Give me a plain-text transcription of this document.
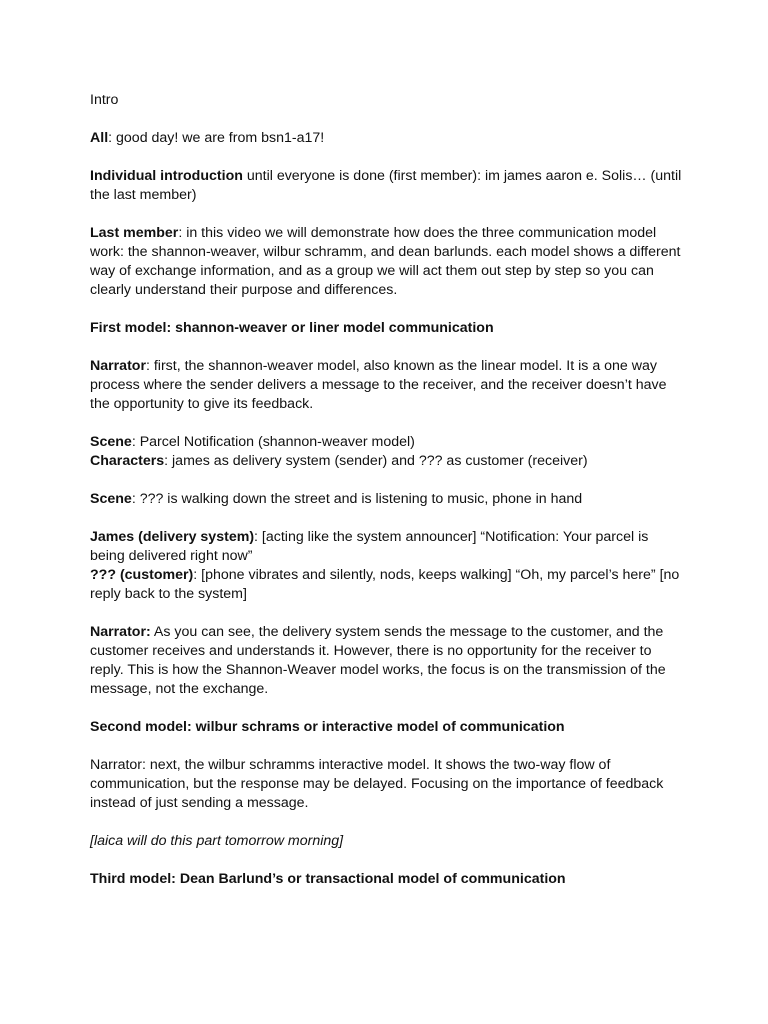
Intro

All: good day! we are from bsn1-a17!

Individual introduction until everyone is done (first member): im james aaron e. Solis… (until the last member)

Last member: in this video we will demonstrate how does the three communication model work: the shannon-weaver, wilbur schramm, and dean barlunds. each model shows a different way of exchange information, and as a group we will act them out step by step so you can clearly understand their purpose and differences.

First model: shannon-weaver or liner model communication

Narrator: first, the shannon-weaver model, also known as the linear model. It is a one way process where the sender delivers a message to the receiver, and the receiver doesn’t have the opportunity to give its feedback.

Scene: Parcel Notification (shannon-weaver model)

Characters: james as delivery system (sender) and ??? as customer (receiver)

Scene: ??? is walking down the street and is listening to music, phone in hand

James (delivery system): [acting like the system announcer] “Notification: Your parcel is being delivered right now”

??? (customer): [phone vibrates and silently, nods, keeps walking] “Oh, my parcel’s here” [no reply back to the system]

Narrator: As you can see, the delivery system sends the message to the customer, and the customer receives and understands it. However, there is no opportunity for the receiver to reply. This is how the Shannon-Weaver model works, the focus is on the transmission of the message, not the exchange.

Second model: wilbur schrams or interactive model of communication

Narrator: next, the wilbur schramms interactive model. It shows the two-way flow of communication, but the response may be delayed. Focusing on the importance of feedback instead of just sending a message.

[laica will do this part tomorrow morning]

Third model: Dean Barlund’s or transactional model of communication
